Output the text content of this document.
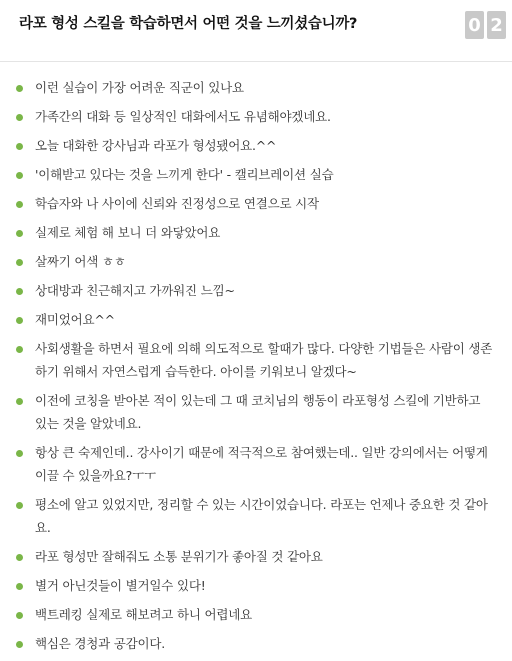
라포 형성 스킬을 학습하면서 어떤 것을 느끼셨습니까?	0 2
이런 실습이 가장 어려운 직군이 있나요
가족간의 대화 등 일상적인 대화에서도 유념해야겠네요.
오늘 대화한 강사님과 라포가 형성됐어요.^^
'이해받고 있다는 것을 느끼게 한다' - 캘리브레이션 실습
학습자와 나 사이에 신뢰와 진정성으로 연결으로 시작
실제로 체험 해 보니 더 와닿았어요
살짜기 어색 ㅎㅎ
상대방과 친근해지고 가까워진 느낌~
재미었어요^^
사회생활을 하면서 필요에 의해 의도적으로 할때가 많다. 다양한 기법들은 사람이 생존하기 위해서 자연스럽게 습득한다. 아이를 키워보니 알겠다~
이전에 코칭을 받아본 적이 있는데 그 때 코치님의 행동이 라포형성 스킬에 기반하고 있는 것을 알았네요.
항상 큰 숙제인데.. 강사이기 때문에 적극적으로 참여했는데.. 일반 강의에서는 어떻게 이끌 수 있을까요?ㅜㅜ
평소에 알고 있었지만, 정리할 수 있는 시간이었습니다. 라포는 언제나 중요한 것 같아요.
라포 형성만 잘해줘도 소통 분위기가 좋아질 것 같아요
별거 아닌것들이 별거일수 있다!
백트레킹 실제로 해보려고 하니 어렵네요
핵심은 경청과 공감이다.
